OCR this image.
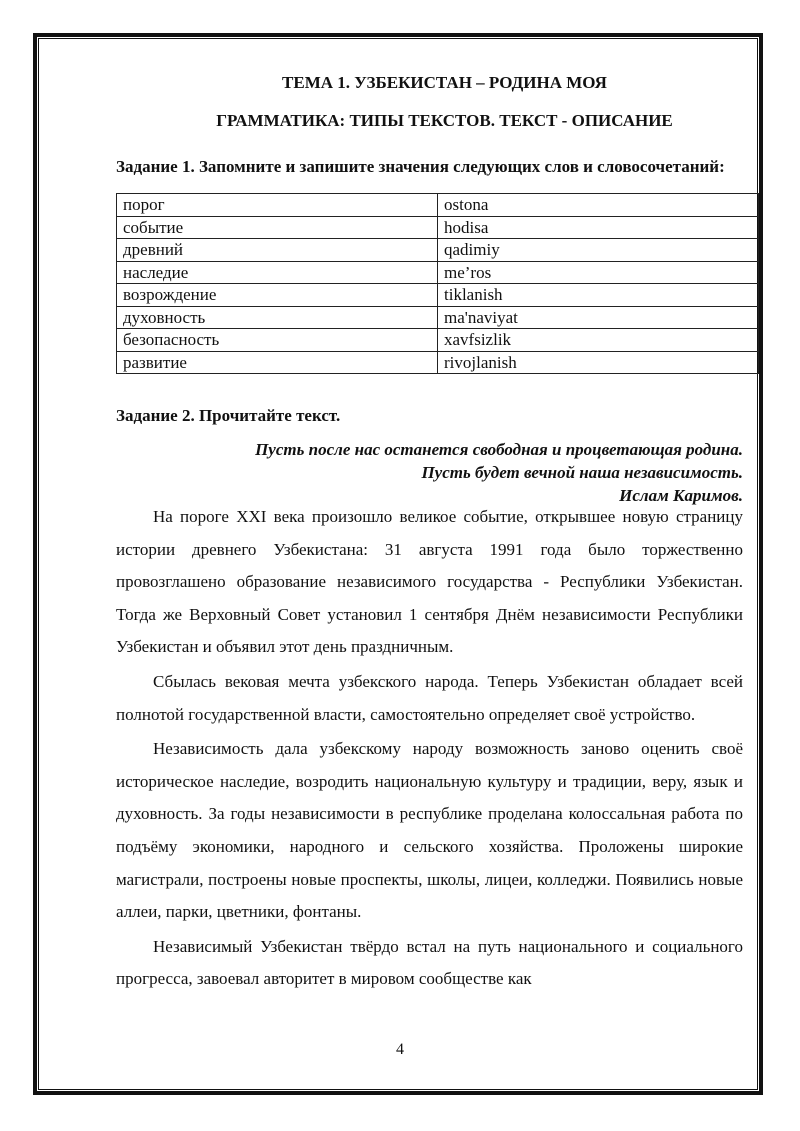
ТЕМА 1. УЗБЕКИСТАН – РОДИНА МОЯ

ГРАММАТИКА: ТИПЫ ТЕКСТОВ. ТЕКСТ - ОПИСАНИЕ

Задание 1. Запомните и запишите значения следующих слов и словосочетаний:
порог	ostona
событие	hodisa
древний	qadimiy
наследие	me’ros
возрождение	tiklanish
духовность	ma'naviyat
безопасность	xavfsizlik
развитие	rivojlanish
Задание 2. Прочитайте текст.
Пусть после нас останется свободная и процветающая родина.
Пусть будет вечной наша независимость.
Ислам Каримов.

На пороге XXI века произошло великое событие, открывшее новую страницу истории древнего Узбекистана: 31 августа 1991 года было торжественно провозглашено образование независимого государства - Республики Узбекистан. Тогда же Верховный Совет установил 1 сентября Днём независимости Республики Узбекистан и объявил этот день праздничным.

Сбылась вековая мечта узбекского народа. Теперь Узбекистан обладает всей полнотой государственной власти, самостоятельно определяет своё устройство.

Независимость дала узбекскому народу возможность заново оценить своё историческое наследие, возродить национальную культуру и традиции, веру, язык и духовность. За годы независимости в республике проделана колоссальная работа по подъёму экономики, народного и сельского хозяйства. Проложены широкие магистрали, построены новые проспекты, школы, лицеи, колледжи. Появились новые аллеи, парки, цветники, фонтаны.

Независимый Узбекистан твёрдо встал на путь национального и социального прогресса, завоевал авторитет в мировом сообществе как

4
